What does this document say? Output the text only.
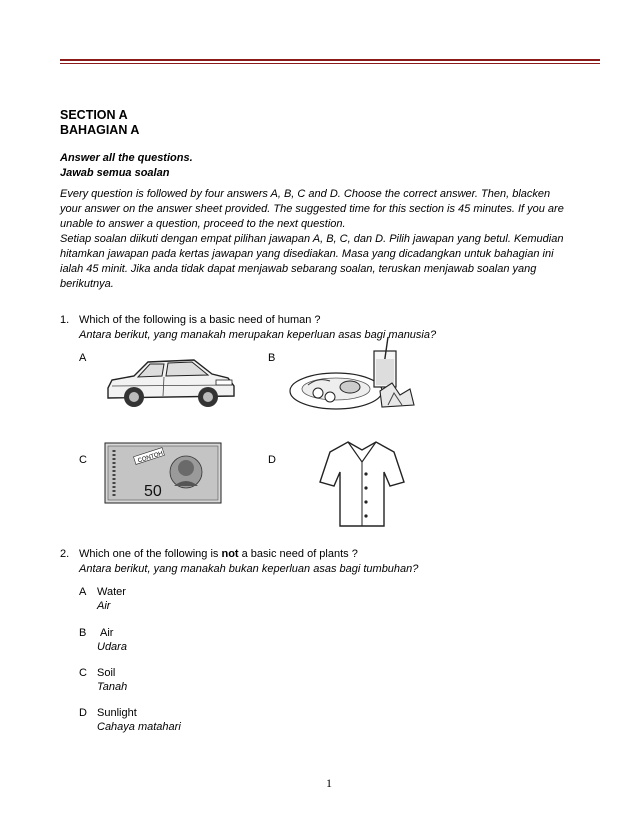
SECTION A
BAHAGIAN A
Answer all the questions.
Jawab semua soalan
Every question is followed by four answers A, B, C and D. Choose the correct answer. Then, blacken
your answer on the answer sheet provided. The suggested time for this section is 45 minutes. If you are
unable to answer a question, proceed to the next question.
Setiap soalan diikuti dengan empat pilihan jawapan A, B, C, dan D. Pilih jawapan yang betul. Kemudian
hitamkan jawapan pada kertas jawapan yang disediakan. Masa yang dicadangkan untuk bahagian ini
ialah 45 minit. Jika anda tidak dapat menjawab sebarang soalan, teruskan menjawab soalan yang
berikutnya.
1. Which of the following is a basic need of human ?
Antara berikut, yang manakah merupakan keperluan asas bagi manusia?
A	B
C	D
CONTOH
50
2. Which one of the following is not a basic need of plants ?
Antara berikut, yang manakah bukan keperluan asas bagi tumbuhan?
A Water
Air
B Air
Udara
C Soil
Tanah
D Sunlight
Cahaya matahari
1
